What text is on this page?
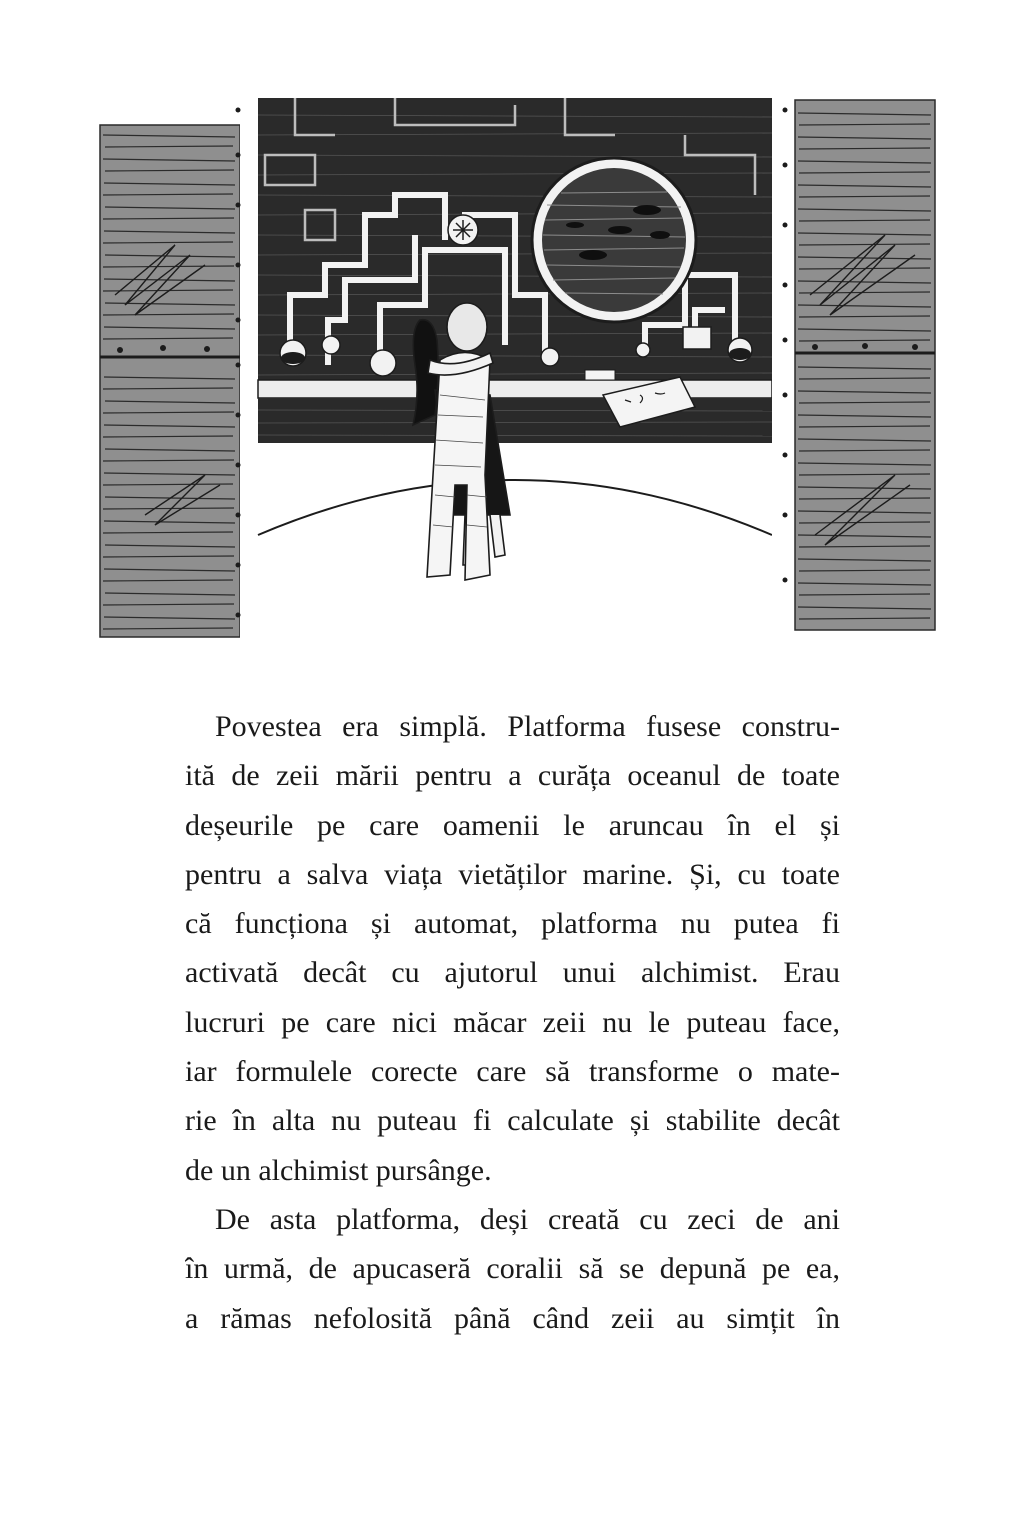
Povestea era simplă. Platforma fusese constru-
ită de zeii mării pentru a curăța oceanul de toate
deșeurile pe care oamenii le aruncau în el și
pentru a salva viața vietăților marine. Și, cu toate
că funcționa și automat, platforma nu putea fi
activată decât cu ajutorul unui alchimist. Erau
lucruri pe care nici măcar zeii nu le puteau face,
iar formulele corecte care să transforme o mate-
rie în alta nu puteau fi calculate și stabilite decât
de un alchimist pursânge.
De asta platforma, deși creată cu zeci de ani
în urmă, de apucaseră coralii să se depună pe ea,
a rămas nefolosită până când zeii au simțit în
